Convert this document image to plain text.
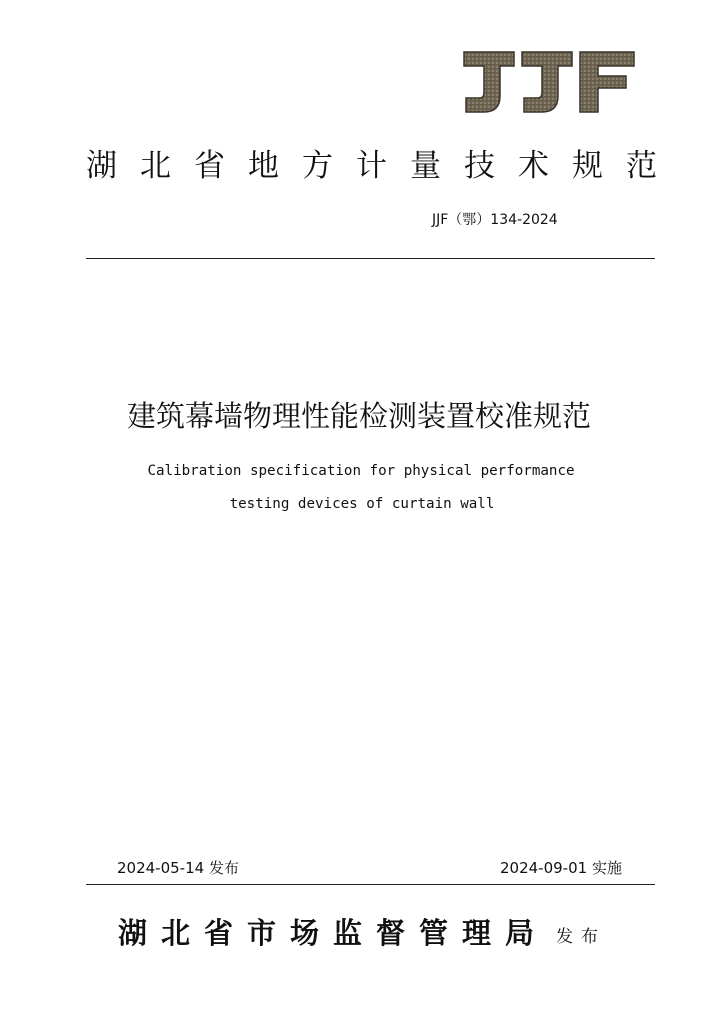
湖北省地方计量技术规范
JJF（鄂）134-2024
建筑幕墙物理性能检测装置校准规范
Calibration specification for physical performance
testing devices of curtain wall
2024-05-14 发布	2024-09-01 实施
湖北省市场监督管理局 发布
